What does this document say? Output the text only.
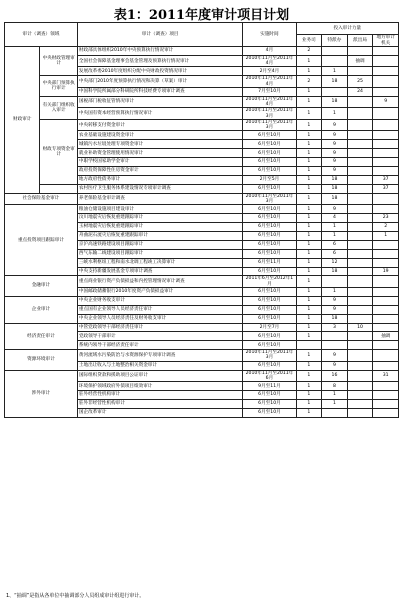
表1：2011年度审计项目计划
审计（调查）领域		审计（调查）项目	实施时间	投入审计力量			
				业务司	特派办	派出局	地方审计机关
财政审计	中央财政管理审计	财政部具体组织2010年中央预算执行情况审计	4月	2			
		全国社会保障基金理事会基金管理及预算执行情况审计	2010年11月至2011年4月	1		抽调	
		发展改革委2010年度组织分配中央财政投资情况审计	2月至4月	1	1		
	中央部门预算执行审计	中央部门2010年度预算执行情况和决算（草案）审计	2010年11月至2011年4月	2	18	25	
		中国科学院所属部分科研院所科技经费专项审计调查	7月至10月	1		24	
	有关部门组织收入审计	国税部门税收征管情况审计	2010年11月至2011年4月	1	18		9
		中央国有资本经营预算执行情况审计	2010年11月至2011年3月	1	1		
	财政专项资金审计	中央转移支付资金审计	2010年11月至2011年3月	1	9		
		农业基础设施建设资金审计	6月至10月	1	9		
		城镇污水垃圾处理专项资金审计	6月至10月	1	9		
		就业补助资金管理使用情况审计	6月至10月	1	9		
		中职学校国家助学金审计	6月至10月	1	9		
		政府投资保障性住房资金审计	6月至10月	1	9		
		地方政府性债务审计	2月至5月	1	18		37
		农村医疗卫生服务体系建设情况专项审计调查	6月至10月	1	18		37
社会保险基金审计		养老保险基金审计调查	2010年11月至2011年3月	1	18		
重点投资项目跟踪审计		粮油仓储设施项目建设审计	6月至10月	1	9		
		汶川地震灾后恢复重建跟踪审计	6月至10月	1	4		23
		玉树地震灾后恢复重建跟踪审计	6月至10月	1	1		2
		舟曲泥石流灾后恢复重建跟踪审计	6月至10月	1	1		1
		京沪高速铁路建设项目跟踪审计	6月至10月	1	6		
		西气东输二线建设项目跟踪审计	6月至10月	1	6		
		三峡水利枢纽工程和南水北调工程竣工决算审计	6月至11月	1	12		
		中央支持新疆发展基金专项审计调查	6月至10月	1	18		19
金融审计		重点商业银行资产负债损益和内控管理情况审计调查	2011年6月至2012年1月	1			
		中国邮政储蓄银行2010年度资产负债损益审计	6月至10月	1	1		
企业审计		中央企业财务收支审计	6月至10月	1	9		
		重点国有企业领导人员经济责任审计	6月至10月	1	9		
		中央企业领导人员经济责任及财务收支审计	6月至10月	1	18		
经济责任审计		中管党政领导干部经济责任审计	2月至7月	1	3	10	
		党政领导干部审计	6月至10月	1			抽调
		系统内领导干部经济责任审计	6月至10月				
资源环境审计		黄河流域水污染防治与水资源保护专项审计调查	2010年11月至2011年3月	1	9		
		土地出让收入与土地整治相关资金审计	6月至10月	1	9		
涉外审计		国际组织贷款和援助项目公证审计	2010年11月至2011年6月	1	16		31
		环境保护领域政府外债项目绩效审计	9月至11月	1	8		
		驻外经营性机构审计	6月至10月	1	1		
		驻外非经营性机构审计	6月至10月	1	1		
		国企改革审计	6月至10月	1			
1、“抽调”是指从各单位中抽调部分人员组成审计组进行审计。
